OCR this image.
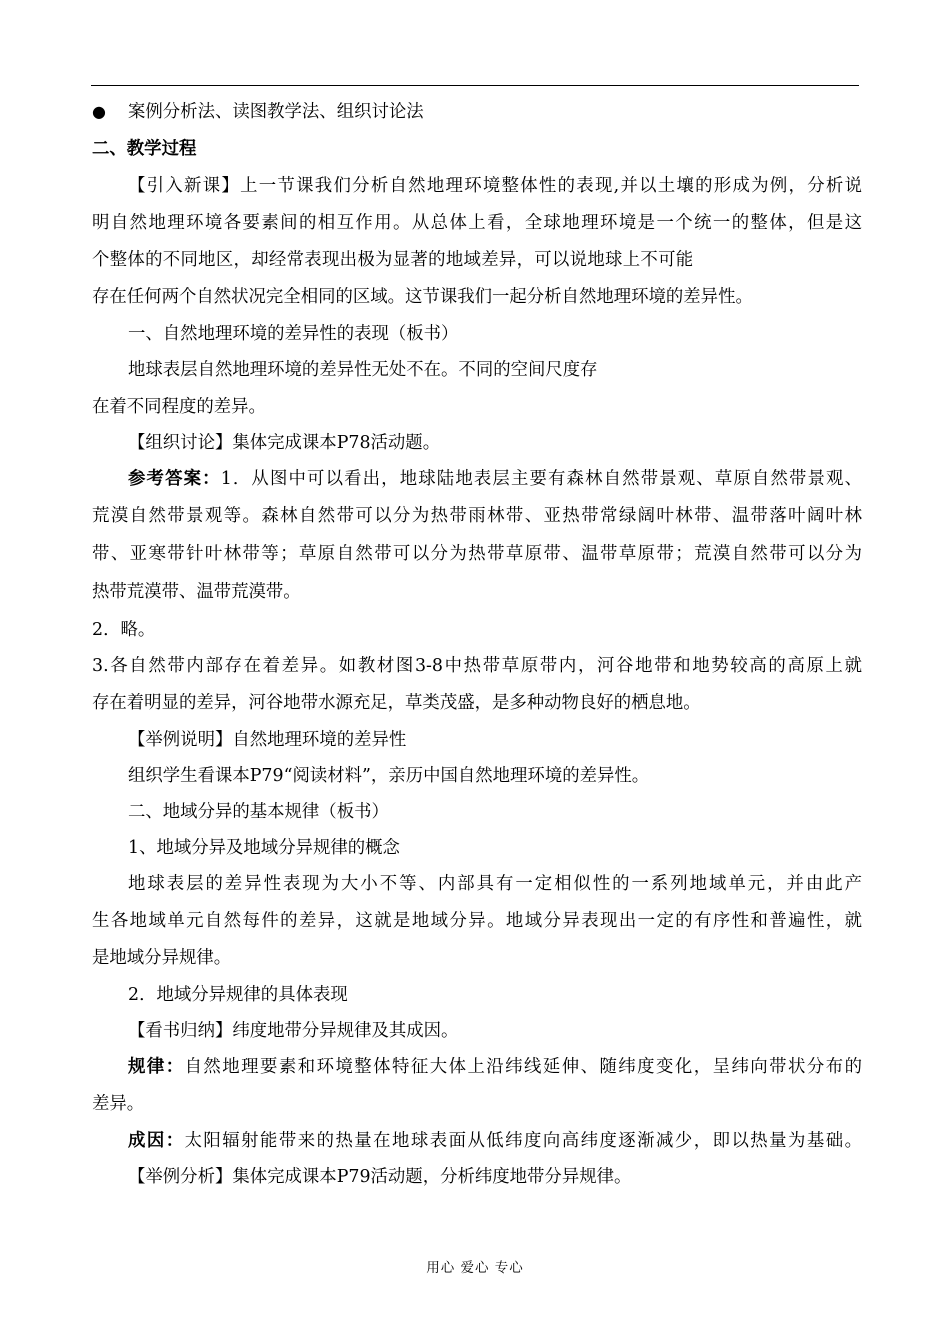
● 案例分析法、读图教学法、组织讨论法
二、教学过程
【引入新课】上一节课我们分析自然地理环境整体性的表现,并以土壤的形成为例，分析说
明自然地理环境各要素间的相互作用。从总体上看，全球地理环境是一个统一的整体，但是这
个整体的不同地区，却经常表现出极为显著的地域差异，可以说地球上不可能
存在任何两个自然状况完全相同的区域。这节课我们一起分析自然地理环境的差异性。
一、自然地理环境的差异性的表现（板书）
地球表层自然地理环境的差异性无处不在。不同的空间尺度存
在着不同程度的差异。
【组织讨论】集体完成课本P78活动题。
参考答案：1．从图中可以看出，地球陆地表层主要有森林自然带景观、草原自然带景观、
荒漠自然带景观等。森林自然带可以分为热带雨林带、亚热带常绿阔叶林带、温带落叶阔叶林
带、亚寒带针叶林带等；草原自然带可以分为热带草原带、温带草原带；荒漠自然带可以分为
热带荒漠带、温带荒漠带。
2．略。
3.各自然带内部存在着差异。如教材图3-8中热带草原带内，河谷地带和地势较高的高原上就
存在着明显的差异，河谷地带水源充足，草类茂盛，是多种动物良好的栖息地。
【举例说明】自然地理环境的差异性
组织学生看课本P79“阅读材料”，亲历中国自然地理环境的差异性。
二、地域分异的基本规律（板书）
1、地域分异及地域分异规律的概念
地球表层的差异性表现为大小不等、内部具有一定相似性的一系列地域单元，并由此产
生各地域单元自然每件的差异，这就是地域分异。地域分异表现出一定的有序性和普遍性，就
是地域分异规律。
2．地域分异规律的具体表现
【看书归纳】纬度地带分异规律及其成因。
规律：自然地理要素和环境整体特征大体上沿纬线延伸、随纬度变化，呈纬向带状分布的
差异。
成因：太阳辐射能带来的热量在地球表面从低纬度向高纬度逐渐减少，即以热量为基础。
【举例分析】集体完成课本P79活动题，分析纬度地带分异规律。
用心 爱心 专心
